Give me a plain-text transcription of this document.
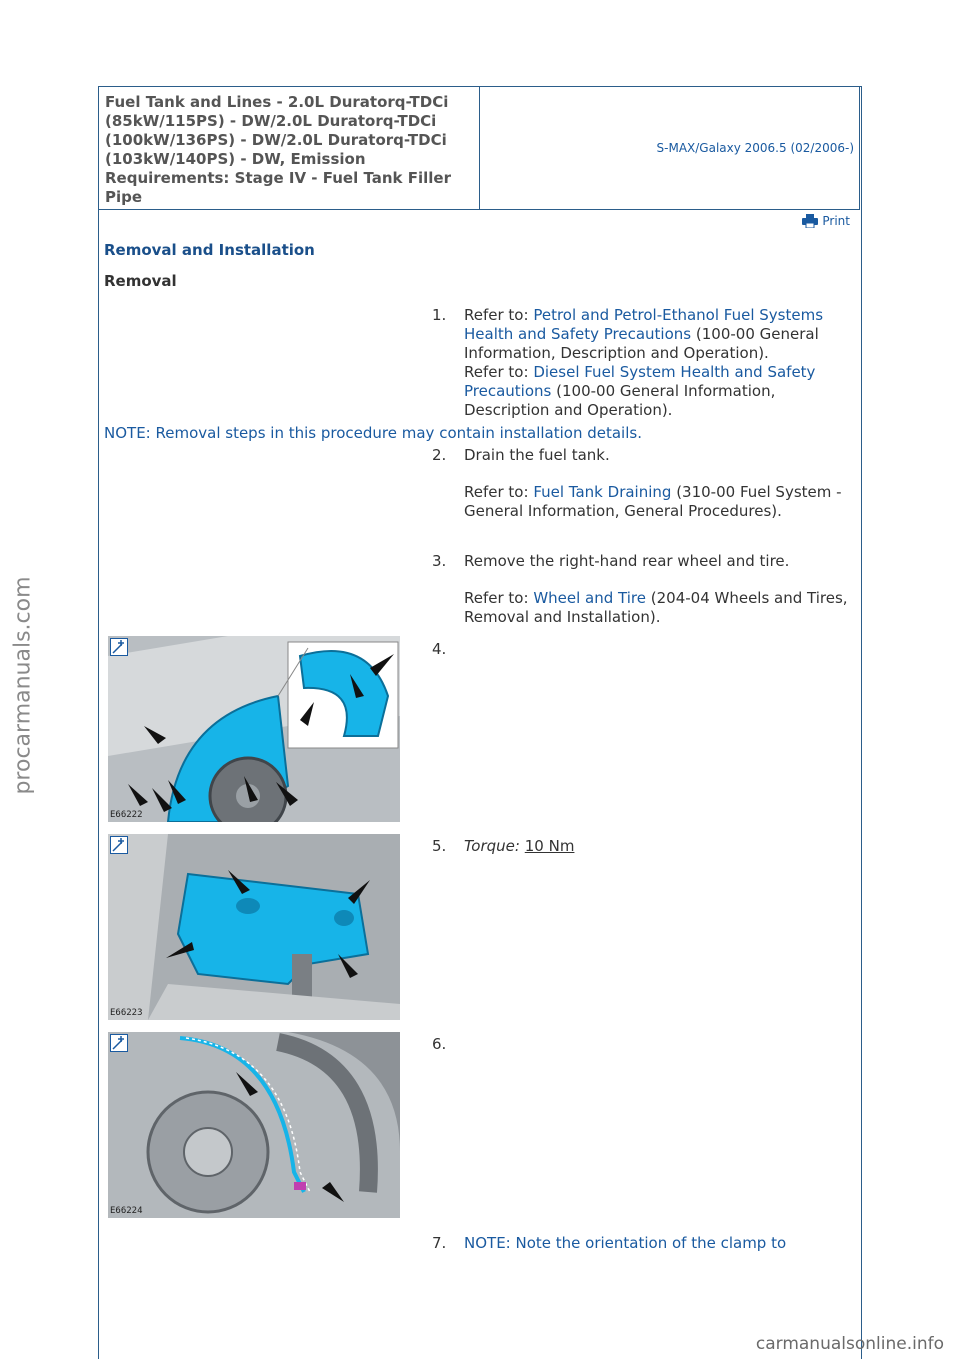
Fuel Tank and Lines - 2.0L Duratorq-TDCi (85kW/115PS) - DW/2.0L Duratorq-TDCi (100kW/136PS) - DW/2.0L Duratorq-TDCi (103kW/140PS) - DW, Emission Requirements: Stage IV - Fuel Tank Filler Pipe
S-MAX/Galaxy 2006.5 (02/2006-)
Print
Removal and Installation
Removal
1.	Refer to: Petrol and Petrol-Ethanol Fuel Systems Health and Safety Precautions (100-00 General Information, Description and Operation).
Refer to: Diesel Fuel System Health and Safety Precautions (100-00 General Information, Description and Operation).
NOTE: Removal steps in this procedure may contain installation details.
2.	Drain the fuel tank.
Refer to: Fuel Tank Draining (310-00 Fuel System - General Information, General Procedures).
3.	Remove the right-hand rear wheel and tire.
Refer to: Wheel and Tire (204-04 Wheels and Tires, Removal and Installation).
E66222
4.
E66223
5.	Torque: 10 Nm
E66224
6.
7.	NOTE: Note the orientation of the clamp to
procarmanuals.com
carmanualsonline.info
